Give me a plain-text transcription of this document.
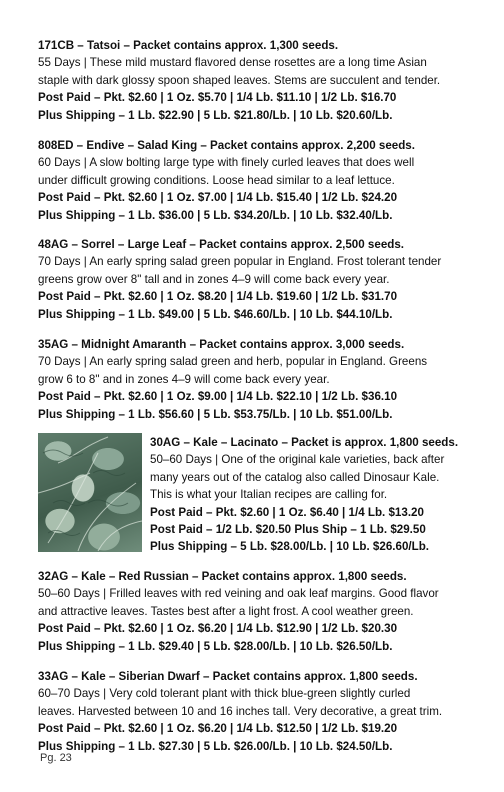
171CB – Tatsoi – Packet contains approx. 1,300 seeds.
55 Days | These mild mustard flavored dense rosettes are a long time Asian
staple with dark glossy spoon shaped leaves. Stems are succulent and tender.
Post Paid – Pkt. $2.60 | 1 Oz. $5.70 | 1/4 Lb. $11.10 | 1/2 Lb. $16.70
Plus Shipping – 1 Lb. $22.90 | 5 Lb. $21.80/Lb. | 10 Lb. $20.60/Lb.
808ED – Endive – Salad King – Packet contains approx. 2,200 seeds.
60 Days | A slow bolting large type with finely curled leaves that does well
under difficult growing conditions. Loose head similar to a leaf lettuce.
Post Paid – Pkt. $2.60 | 1 Oz. $7.00 | 1/4 Lb. $15.40 | 1/2 Lb. $24.20
Plus Shipping – 1 Lb. $36.00 | 5 Lb. $34.20/Lb. | 10 Lb. $32.40/Lb.
48AG – Sorrel – Large Leaf – Packet contains approx. 2,500 seeds.
70 Days | An early spring salad green popular in England. Frost tolerant tender
greens grow over 8" tall and in zones 4–9 will come back every year.
Post Paid – Pkt. $2.60 | 1 Oz. $8.20 | 1/4 Lb. $19.60 | 1/2 Lb. $31.70
Plus Shipping – 1 Lb. $49.00 | 5 Lb. $46.60/Lb. | 10 Lb. $44.10/Lb.
35AG – Midnight Amaranth – Packet contains approx. 3,000 seeds.
70 Days | An early spring salad green and herb, popular in England. Greens
grow 6 to 8" and in zones 4–9 will come back every year.
Post Paid – Pkt. $2.60 | 1 Oz. $9.00 | 1/4 Lb. $22.10 | 1/2 Lb. $36.10
Plus Shipping – 1 Lb. $56.60 | 5 Lb. $53.75/Lb. | 10 Lb. $51.00/Lb.
30AG – Kale – Lacinato – Packet is approx. 1,800 seeds.
50–60 Days | One of the original kale varieties, back after
many years out of the catalog also called Dinosaur Kale.
This is what your Italian recipes are calling for.
Post Paid – Pkt. $2.60 | 1 Oz. $6.40 | 1/4 Lb. $13.20
Post Paid – 1/2 Lb. $20.50 Plus Ship – 1 Lb. $29.50
Plus Shipping – 5 Lb. $28.00/Lb. | 10 Lb. $26.60/Lb.
32AG – Kale – Red Russian – Packet contains approx. 1,800 seeds.
50–60 Days | Frilled leaves with red veining and oak leaf margins. Good flavor
and attractive leaves. Tastes best after a light frost. A cool weather green.
Post Paid – Pkt. $2.60 | 1 Oz. $6.20 | 1/4 Lb. $12.90 | 1/2 Lb. $20.30
Plus Shipping – 1 Lb. $29.40 | 5 Lb. $28.00/Lb. | 10 Lb. $26.50/Lb.
33AG – Kale – Siberian Dwarf – Packet contains approx. 1,800 seeds.
60–70 Days | Very cold tolerant plant with thick blue-green slightly curled
leaves. Harvested between 10 and 16 inches tall. Very decorative, a great trim.
Post Paid – Pkt. $2.60 | 1 Oz. $6.20 | 1/4 Lb. $12.50 | 1/2 Lb. $19.20
Plus Shipping – 1 Lb. $27.30 | 5 Lb. $26.00/Lb. | 10 Lb. $24.50/Lb.
Pg. 23
